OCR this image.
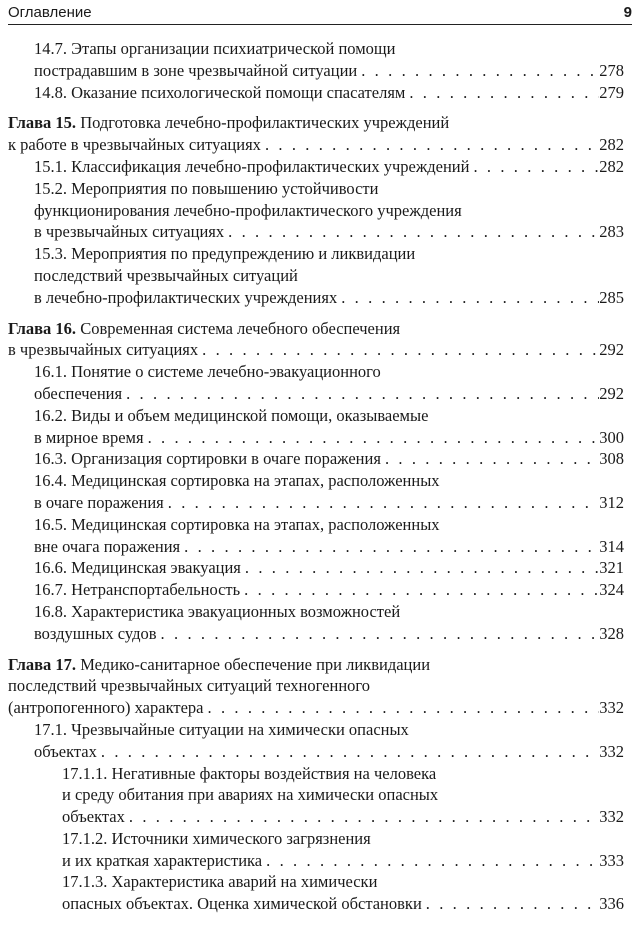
Оглавление	9
14.7. Этапы организации психиатрической помощи
пострадавшим в зоне чрезвычайной ситуации . . .	278
14.8. Оказание психологической помощи спасателям . . .	279
Глава 15. Подготовка лечебно-профилактических учреждений
к работе в чрезвычайных ситуациях . . .	282
15.1. Классификация лечебно-профилактических учреждений . . .	282
15.2. Мероприятия по повышению устойчивости
функционирования лечебно-профилактического учреждения
в чрезвычайных ситуациях . . .	283
15.3. Мероприятия по предупреждению и ликвидации
последствий чрезвычайных ситуаций
в лечебно-профилактических учреждениях . . .	285
Глава 16. Современная система лечебного обеспечения
в чрезвычайных ситуациях . . .	292
16.1. Понятие о системе лечебно-эвакуационного
обеспечения . . .	292
16.2. Виды и объем медицинской помощи, оказываемые
в мирное время . . .	300
16.3. Организация сортировки в очаге поражения . . .	308
16.4. Медицинская сортировка на этапах, расположенных
в очаге поражения . . .	312
16.5. Медицинская сортировка на этапах, расположенных
вне очага поражения . . .	314
16.6. Медицинская эвакуация . . .	321
16.7. Нетранспортабельность . . .	324
16.8. Характеристика эвакуационных возможностей
воздушных судов . . .	328
Глава 17. Медико-санитарное обеспечение при ликвидации
последствий чрезвычайных ситуаций техногенного
(антропогенного) характера . . .	332
17.1. Чрезвычайные ситуации на химически опасных
объектах . . .	332
17.1.1. Негативные факторы воздействия на человека
и среду обитания при авариях на химически опасных
объектах . . .	332
17.1.2. Источники химического загрязнения
и их краткая характеристика . . .	333
17.1.3. Характеристика аварий на химически
опасных объектах. Оценка химической обстановки . . .	336
